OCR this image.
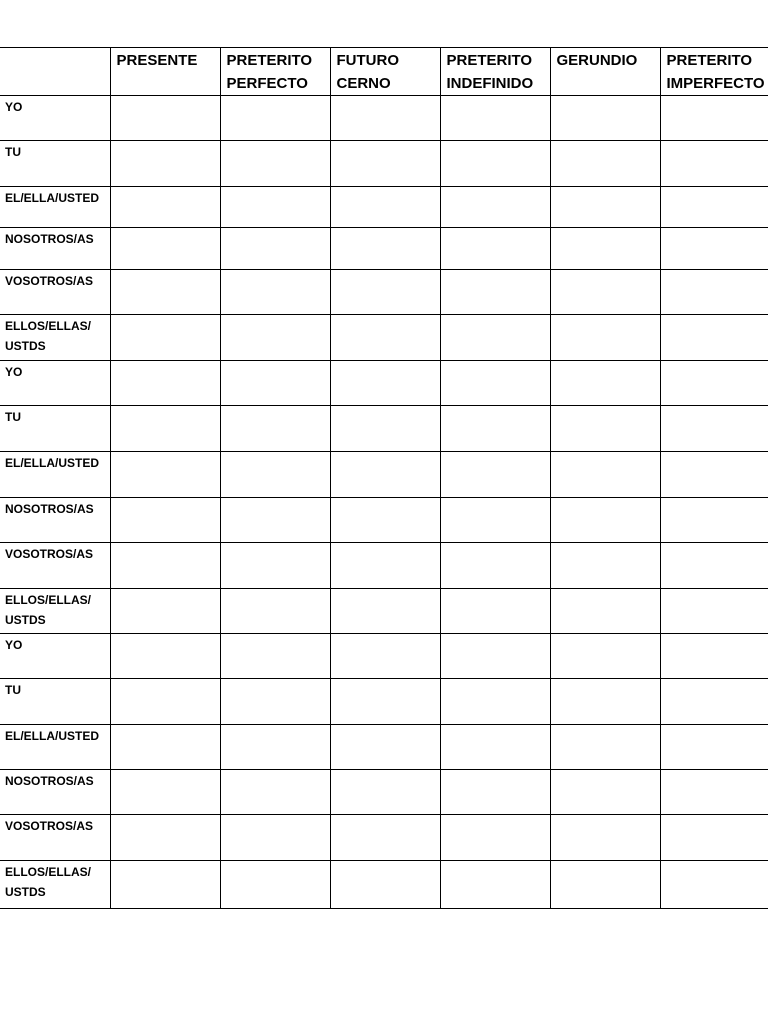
	PRESENTE	PRETERITO PERFECTO	FUTURO CERNO	PRETERITO INDEFINIDO	GERUNDIO	PRETERITO IMPERFECTO
YO						
TU						
EL/ELLA/USTED						
NOSOTROS/AS						
VOSOTROS/AS						
ELLOS/ELLAS/ USTDS						
YO						
TU						
EL/ELLA/USTED						
NOSOTROS/AS						
VOSOTROS/AS						
ELLOS/ELLAS/ USTDS						
YO						
TU						
EL/ELLA/USTED						
NOSOTROS/AS						
VOSOTROS/AS						
ELLOS/ELLAS/ USTDS						
